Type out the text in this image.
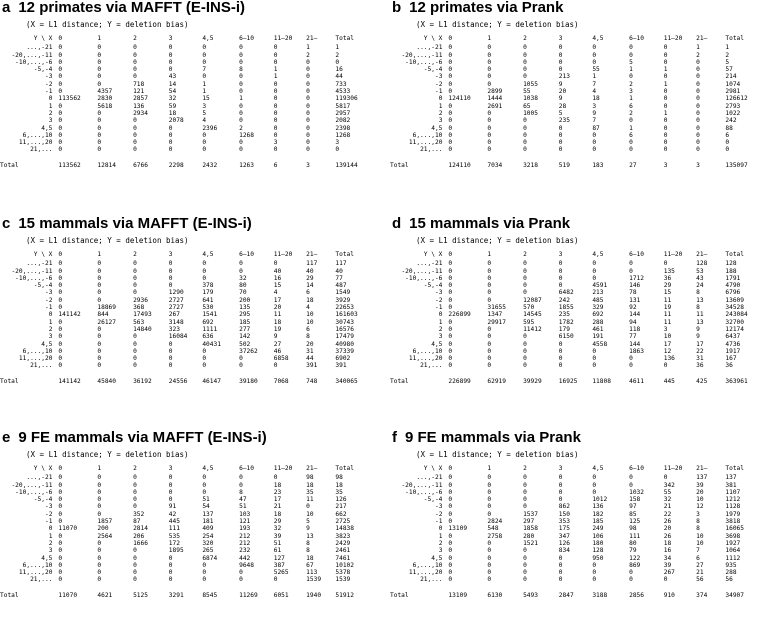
a 12 primates via MAFFT (E-INS-i)
(X = L1 distance; Y = deletion bias)
Y \ X	0	1	2	3	4,5	6–10	11–20	21–	Total
...,-21	0	0	0	0	0	0	0	1	1
-20,...,-11	0	0	0	0	0	0	0	2	2
-10,...,-6	0	0	0	0	0	0	0	0	0
-5,-4	0	0	0	0	7	8	1	0	16
-3	0	0	0	43	0	0	1	0	44
-2	0	0	718	14	1	0	0	0	733
-1	0	4357	121	54	1	0	0	0	4533
0	113562	2830	2857	32	15	1	0	0	119306
1	0	5618	136	59	3	0	0	0	5817
2	0	0	2934	18	5	0	0	0	2957
3	0	0	0	2078	4	0	0	0	2082
4,5	0	0	0	0	2396	2	0	0	2398
6,...,10	0	0	0	0	0	1268	0	0	1268
11,...,20	0	0	0	0	0	0	3	0	3
21,...	0	0	0	0	0	0	0	0	0

Total	113562	12814	6766	2298	2432	1263	6	3	139144
b 12 primates via Prank
(X = L1 distance; Y = deletion bias)
Y \ X	0	1	2	3	4,5	6–10	11–20	21–	Total
...,-21	0	0	0	0	0	0	0	1	1
-20,...,-11	0	0	0	0	0	0	0	2	2
-10,...,-6	0	0	0	0	0	5	0	0	5
-5,-4	0	0	0	0	55	1	1	0	57
-3	0	0	0	213	1	0	0	0	214
-2	0	0	1055	9	7	2	1	0	1074
-1	0	2899	55	20	4	3	0	0	2981
0	124110	1444	1038	9	18	1	0	0	126612
1	0	2691	65	28	3	6	0	0	2793
2	0	0	1005	5	9	2	1	0	1022
3	0	0	0	235	7	0	0	0	242
4,5	0	0	0	0	87	1	0	0	88
6,...,10	0	0	0	0	0	6	0	0	6
11,...,20	0	0	0	0	0	0	0	0	0
21,...	0	0	0	0	0	0	0	0	0

Total	124110	7034	3218	519	183	27	3	3	135097
c 15 mammals via MAFFT (E-INS-i)
(X = L1 distance; Y = deletion bias)
Y \ X	0	1	2	3	4,5	6–10	11–20	21–	Total
...,-21	0	0	0	0	0	0	0	117	117
-20,...,-11	0	0	0	0	0	0	40	40	40
-10,...,-6	0	0	0	0	0	32	16	29	77
-5,-4	0	0	0	0	378	80	15	14	487
-3	0	0	0	1290	179	70	4	6	1549
-2	0	0	2936	2727	641	200	17	18	3929
-1	0	18869	368	2727	530	135	20	4	22653
0	141142	844	17493	267	1541	295	11	10	161603
1	0	26127	563	3148	692	185	18	10	30743
2	0	0	14840	323	1111	277	19	6	16576
3	0	0	0	16084	636	142	9	8	17479
4,5	0	0	0	0	40431	502	27	20	40980
6,...,10	0	0	0	0	0	37262	46	31	37339
11,...,20	0	0	0	0	0	0	6858	44	6902
21,...	0	0	0	0	0	0	0	391	391

Total	141142	45840	36192	24556	46147	39180	7068	748	340065
d 15 mammals via Prank
(X = L1 distance; Y = deletion bias)
Y \ X	0	1	2	3	4,5	6–10	11–20	21–	Total
...,-21	0	0	0	0	0	0	0	128	128
-20,...,-11	0	0	0	0	0	0	135	53	188
-10,...,-6	0	0	0	0	0	1712	36	43	1791
-5,-4	0	0	0	0	4591	146	29	24	4790
-3	0	0	0	6482	213	78	15	8	6796
-2	0	0	12087	242	485	131	11	13	13609
-1	0	31655	570	1855	329	92	19	8	34528
0	226899	1347	14545	235	692	144	11	11	243084
1	0	29917	595	1782	288	94	11	13	32700
2	0	0	11412	179	461	118	3	9	12174
3	0	0	0	6150	191	77	10	9	6437
4,5	0	0	0	0	4558	144	17	17	4736
6,...,10	0	0	0	0	0	1863	12	22	1917
11,...,20	0	0	0	0	0	0	136	31	167
21,...	0	0	0	0	0	0	0	36	36

Total	226899	62919	39929	16925	11808	4611	445	425	363961
e 9 FE mammals via MAFFT (E-INS-i)
(X = L1 distance; Y = deletion bias)
Y \ X	0	1	2	3	4,5	6–10	11–20	21–	Total
...,-21	0	0	0	0	0	0	0	98	98
-20,...,-11	0	0	0	0	0	0	18	18	18
-10,...,-6	0	0	0	0	0	8	23	35	35
-5,-4	0	0	0	0	51	47	17	11	126
-3	0	0	0	91	54	51	21	0	217
-2	0	0	352	42	137	103	18	10	662
-1	0	1857	87	445	181	121	29	5	2725
0	11070	200	2814	111	409	193	32	9	14838
1	0	2564	206	535	254	212	39	13	3823
2	0	0	1666	172	320	212	51	8	2429
3	0	0	0	1895	265	232	61	8	2461
4,5	0	0	0	0	6874	442	127	18	7461
6,...,10	0	0	0	0	0	9648	387	67	10102
11,...,20	0	0	0	0	0	0	5265	113	5378
21,...	0	0	0	0	0	0	0	1539	1539

Total	11070	4621	5125	3291	8545	11269	6051	1940	51912
f 9 FE mammals via Prank
(X = L1 distance; Y = deletion bias)
Y \ X	0	1	2	3	4,5	6–10	11–20	21–	Total
...,-21	0	0	0	0	0	0	0	137	137
-20,...,-11	0	0	0	0	0	0	342	39	381
-10,...,-6	0	0	0	0	0	1032	55	20	1107
-5,-4	0	0	0	0	1012	158	32	10	1212
-3	0	0	0	862	136	97	21	12	1128
-2	0	0	1537	150	182	85	22	3	1979
-1	0	2824	297	353	185	125	26	8	3818
0	13109	548	1858	175	249	98	20	8	16065
1	0	2758	280	347	106	111	26	10	3698
2	0	0	1521	126	180	80	18	10	1927
3	0	0	0	834	128	79	16	7	1064
4,5	0	0	0	0	950	122	34	6	1112
6,...,10	0	0	0	0	0	869	39	27	935
11,...,20	0	0	0	0	0	0	267	21	288
21,...	0	0	0	0	0	0	0	56	56

Total	13109	6130	5493	2847	3188	2856	910	374	34907
